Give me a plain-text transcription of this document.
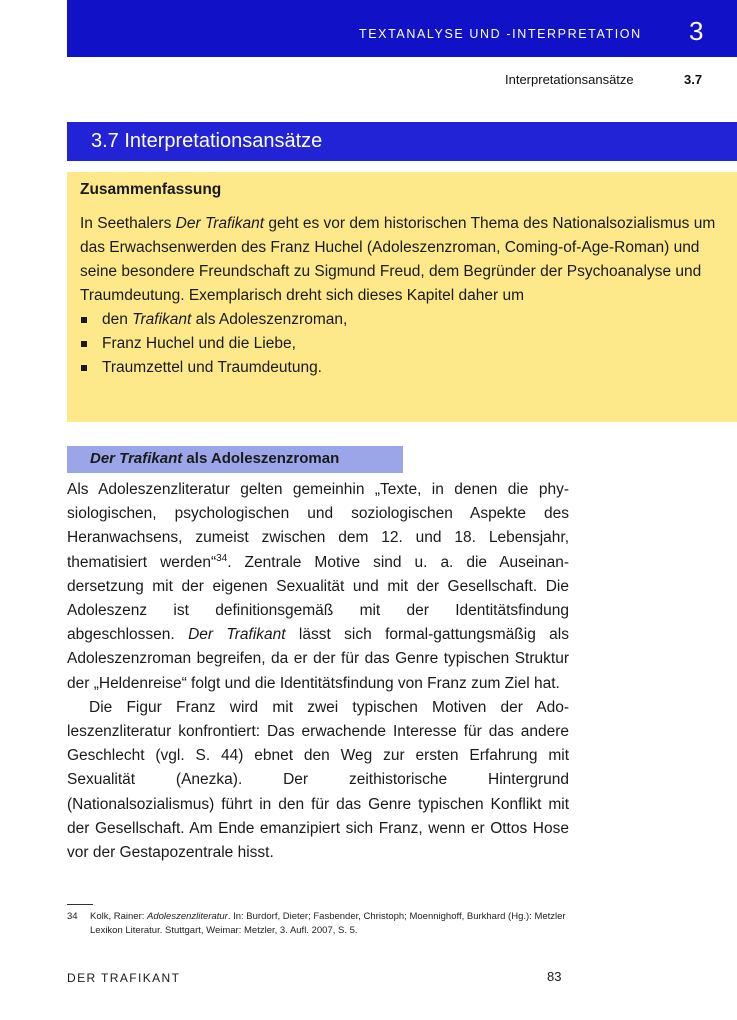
TEXTANALYSE UND -INTERPRETATION 3
Interpretationsansätze	3.7
3.7 Interpretationsansätze
Zusammenfassung
In Seethalers Der Trafikant geht es vor dem historischen Thema des Nationalsozialismus um das Erwachsenwerden des Franz Huchel (Adoleszenzroman, Coming-of-Age-Roman) und seine besondere Freundschaft zu Sigmund Freud, dem Begründer der Psychoanalyse und Traumdeutung. Exemplarisch dreht sich dieses Kapitel daher um
den Trafikant als Adoleszenzroman,
Franz Huchel und die Liebe,
Traumzettel und Traumdeutung.
Der Trafikant als Adoleszenzroman

Als Adoleszenzliteratur gelten gemeinhin „Texte, in denen die physiologischen, psychologischen und soziologischen Aspekte des Heranwachsens, zumeist zwischen dem 12. und 18. Lebensjahr, thematisiert werden“$^{34}$. Zentrale Motive sind u. a. die Auseinandersetzung mit der eigenen Sexualität und mit der Gesellschaft. Die Adoleszenz ist definitionsgemäß mit der Identitätsfindung abgeschlossen. Der Trafikant lässt sich formal-gattungsmäßig als Adoleszenzroman begreifen, da er der für das Genre typischen Struktur der „Heldenreise“ folgt und die Identitätsfindung von Franz zum Ziel hat.

Die Figur Franz wird mit zwei typischen Motiven der Adoleszenzliteratur konfrontiert: Das erwachende Interesse für das andere Geschlecht (vgl. S. 44) ebnet den Weg zur ersten Erfahrung mit Sexualität (Anezka). Der zeithistorische Hintergrund (Nationalsozialismus) führt in den für das Genre typischen Konflikt mit der Gesellschaft. Am Ende emanzipiert sich Franz, wenn er Ottos Hose vor der Gestapozentrale hisst.

34 Kolk, Rainer: Adoleszenzliteratur. In: Burdorf, Dieter; Fasbender, Christoph; Moennighoff, Burkhard (Hg.): Metzler Lexikon Literatur. Stuttgart, Weimar: Metzler, 3. Aufl. 2007, S. 5.
DER TRAFIKANT	83
